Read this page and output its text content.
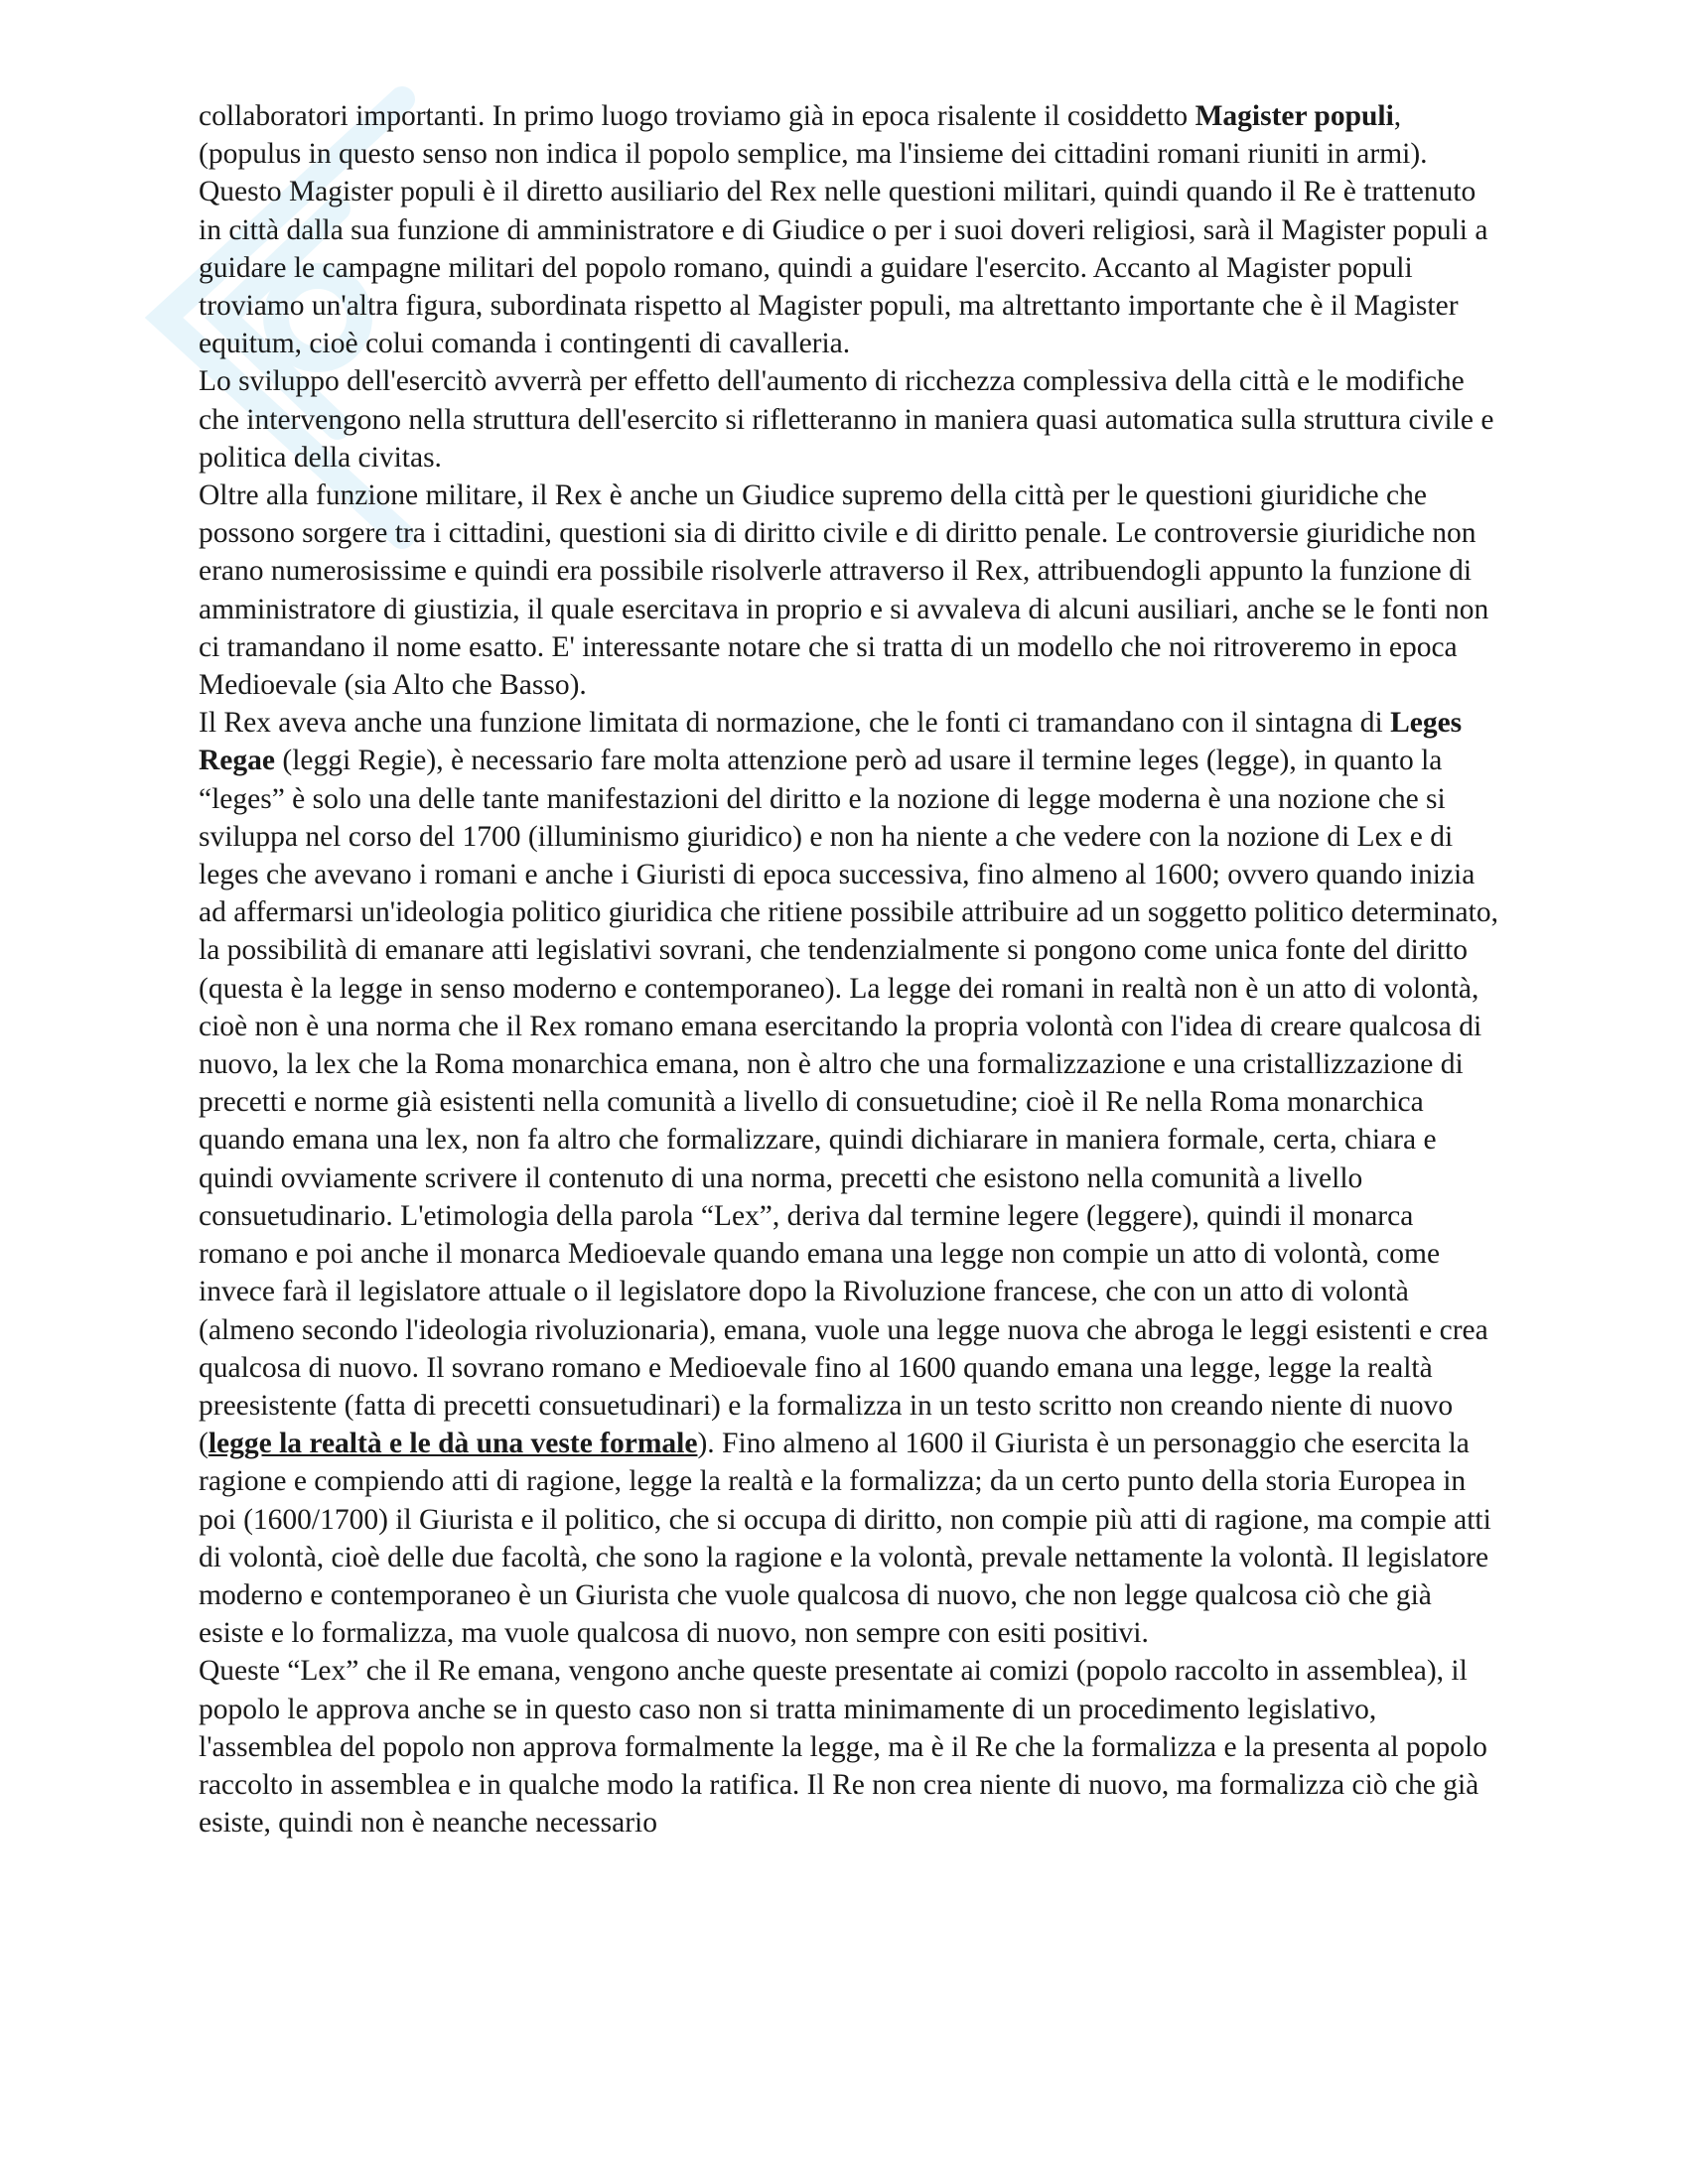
collaboratori importanti. In primo luogo troviamo già in epoca risalente il cosiddetto Magister populi, (populus in questo senso non indica il popolo semplice, ma l'insieme dei cittadini romani riuniti in armi). Questo Magister populi è il diretto ausiliario del Rex nelle questioni militari, quindi quando il Re è trattenuto in città dalla sua funzione di amministratore e di Giudice o per i suoi doveri religiosi, sarà il Magister populi a guidare le campagne militari del popolo romano, quindi a guidare l'esercito. Accanto al Magister populi troviamo un'altra figura, subordinata rispetto al Magister populi, ma altrettanto importante che è il Magister equitum, cioè colui comanda i contingenti di cavalleria.

Lo sviluppo dell'esercitò avverrà per effetto dell'aumento di ricchezza complessiva della città e le modifiche che intervengono nella struttura dell'esercito si rifletteranno in maniera quasi automatica sulla struttura civile e politica della civitas.

Oltre alla funzione militare, il Rex è anche un Giudice supremo della città per le questioni giuridiche che possono sorgere tra i cittadini, questioni sia di diritto civile e di diritto penale. Le controversie giuridiche non erano numerosissime e quindi era possibile risolverle attraverso il Rex, attribuendogli appunto la funzione di amministratore di giustizia, il quale esercitava in proprio e si avvaleva di alcuni ausiliari, anche se le fonti non ci tramandano il nome esatto. E' interessante notare che si tratta di un modello che noi ritroveremo in epoca Medioevale (sia Alto che Basso).

Il Rex aveva anche una funzione limitata di normazione, che le fonti ci tramandano con il sintagna di Leges Regae (leggi Regie), è necessario fare molta attenzione però ad usare il termine leges (legge), in quanto la “leges” è solo una delle tante manifestazioni del diritto e la nozione di legge moderna è una nozione che si sviluppa nel corso del 1700 (illuminismo giuridico) e non ha niente a che vedere con la nozione di Lex e di leges che avevano i romani e anche i Giuristi di epoca successiva, fino almeno al 1600; ovvero quando inizia ad affermarsi un'ideologia politico giuridica che ritiene possibile attribuire ad un soggetto politico determinato, la possibilità di emanare atti legislativi sovrani, che tendenzialmente si pongono come unica fonte del diritto (questa è la legge in senso moderno e contemporaneo). La legge dei romani in realtà non è un atto di volontà, cioè non è una norma che il Rex romano emana esercitando la propria volontà con l'idea di creare qualcosa di nuovo, la lex che la Roma monarchica emana, non è altro che una formalizzazione e una cristallizzazione di precetti e norme già esistenti nella comunità a livello di consuetudine; cioè il Re nella Roma monarchica quando emana una lex, non fa altro che formalizzare, quindi dichiarare in maniera formale, certa, chiara e quindi ovviamente scrivere il contenuto di una norma, precetti che esistono nella comunità a livello consuetudinario. L'etimologia della parola “Lex”, deriva dal termine legere (leggere), quindi il monarca romano e poi anche il monarca Medioevale quando emana una legge non compie un atto di volontà, come invece farà il legislatore attuale o il legislatore dopo la Rivoluzione francese, che con un atto di volontà (almeno secondo l'ideologia rivoluzionaria), emana, vuole una legge nuova che abroga le leggi esistenti e crea qualcosa di nuovo. Il sovrano romano e Medioevale fino al 1600 quando emana una legge, legge la realtà preesistente (fatta di precetti consuetudinari) e la formalizza in un testo scritto non creando niente di nuovo (legge la realtà e le dà una veste formale). Fino almeno al 1600 il Giurista è un personaggio che esercita la ragione e compiendo atti di ragione, legge la realtà e la formalizza; da un certo punto della storia Europea in poi (1600/1700) il Giurista e il politico, che si occupa di diritto, non compie più atti di ragione, ma compie atti di volontà, cioè delle due facoltà, che sono la ragione e la volontà, prevale nettamente la volontà. Il legislatore moderno e contemporaneo è un Giurista che vuole qualcosa di nuovo, che non legge qualcosa ciò che già esiste e lo formalizza, ma vuole qualcosa di nuovo, non sempre con esiti positivi.

Queste “Lex” che il Re emana, vengono anche queste presentate ai comizi (popolo raccolto in assemblea), il popolo le approva anche se in questo caso non si tratta minimamente di un procedimento legislativo, l'assemblea del popolo non approva formalmente la legge, ma è il Re che la formalizza e la presenta al popolo raccolto in assemblea e in qualche modo la ratifica. Il Re non crea niente di nuovo, ma formalizza ciò che già esiste, quindi non è neanche necessario
